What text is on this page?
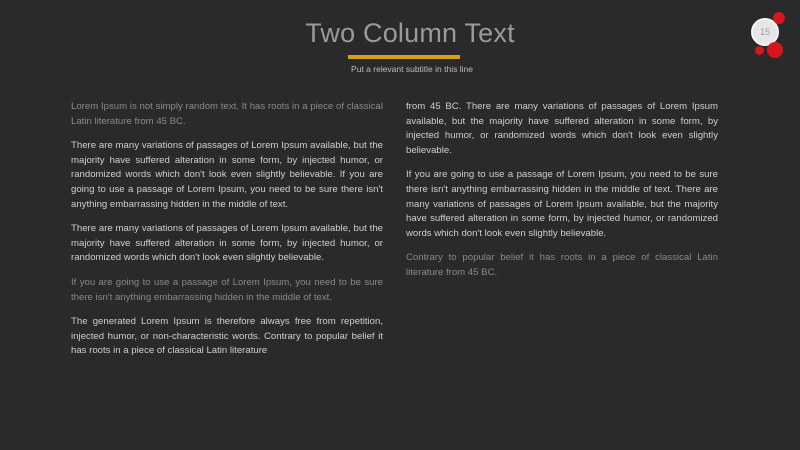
Two Column Text
Put a relevant subtitle in this line
15

Lorem Ipsum is not simply random text. It has roots in a piece of classical Latin literature from 45 BC.

There are many variations of passages of Lorem Ipsum available, but the majority have suffered alteration in some form, by injected humor, or randomized words which don't look even slightly believable. If you are going to use a passage of Lorem Ipsum, you need to be sure there isn't anything embarrassing hidden in the middle of text.

There are many variations of passages of Lorem Ipsum available, but the majority have suffered alteration in some form, by injected humor, or randomized words which don't look even slightly believable.

If you are going to use a passage of Lorem Ipsum, you need to be sure there isn't anything embarrassing hidden in the middle of text.

The generated Lorem Ipsum is therefore always free from repetition, injected humor, or non-characteristic words. Contrary to popular belief it has roots in a piece of classical Latin literature

from 45 BC. There are many variations of passages of Lorem Ipsum available, but the majority have suffered alteration in some form, by injected humor, or randomized words which don't look even slightly believable.

If you are going to use a passage of Lorem Ipsum, you need to be sure there isn't anything embarrassing hidden in the middle of text. There are many variations of passages of Lorem Ipsum available, but the majority have suffered alteration in some form, by injected humor, or randomized words which don't look even slightly believable.

Contrary to popular belief it has roots in a piece of classical Latin literature from 45 BC.
